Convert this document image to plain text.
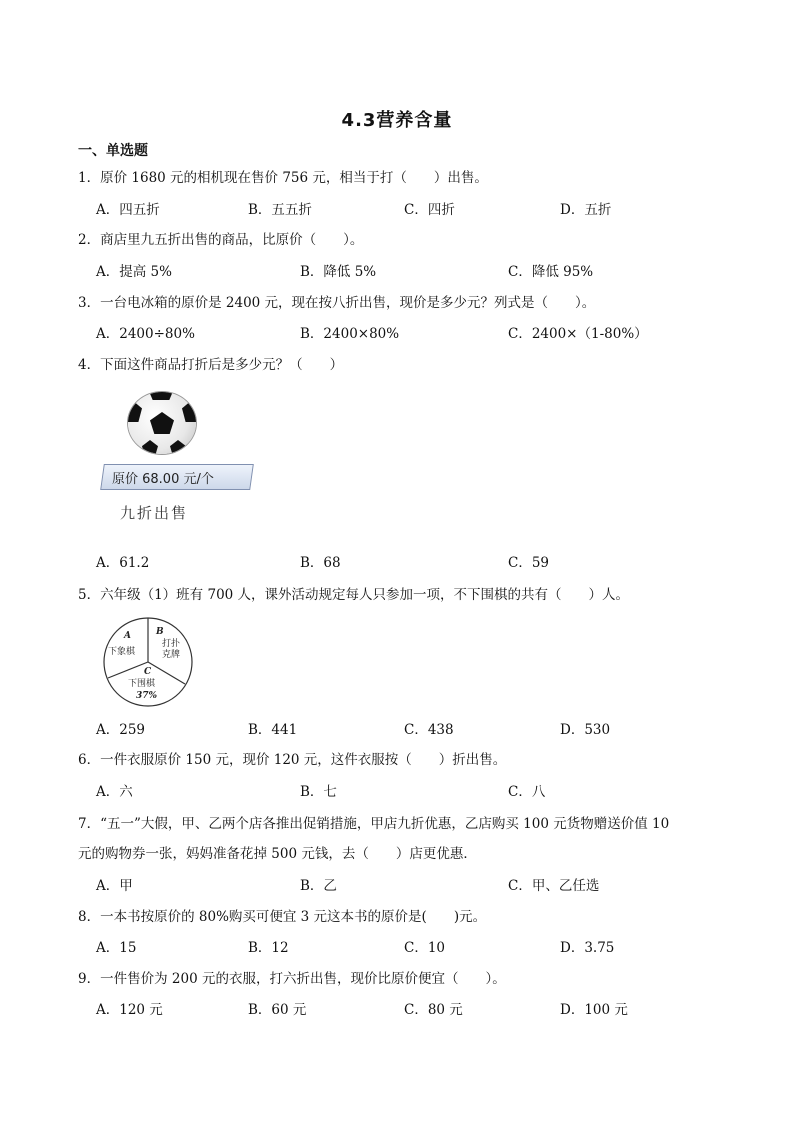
4.3营养含量
一、单选题
1．原价 1680 元的相机现在售价 756 元，相当于打（　　）出售。
A．四五折	B．五五折	C．四折	D．五折
2．商店里九五折出售的商品，比原价（　　）。
A．提高 5%	B．降低 5%	C．降低 95%
3．一台电冰箱的原价是 2400 元，现在按八折出售，现价是多少元？列式是（　　）。
A．2400÷80%	B．2400×80%	C．2400×（1-80%）
4．下面这件商品打折后是多少元？（　　）
原价 68.00 元/个
九折出售
A．61.2	B．68	C．59
5．六年级（1）班有 700 人，课外活动规定每人只参加一项，不下围棋的共有（　　）人。
A
下象棋
B
打扑
克牌
C
下围棋
37%
A．259	B．441	C．438	D．530
6．一件衣服原价 150 元，现价 120 元，这件衣服按（　　）折出售。
A．六	B．七	C．八
7．“五一”大假，甲、乙两个店各推出促销措施，甲店九折优惠，乙店购买 100 元货物赠送价值 10
元的购物券一张，妈妈准备花掉 500 元钱，去（　　）店更优惠．
A．甲	B．乙	C．甲、乙任选
8．一本书按原价的 80%购买可便宜 3 元这本书的原价是(　　)元。
A．15	B．12	C．10	D．3.75
9．一件售价为 200 元的衣服，打六折出售，现价比原价便宜（　　）。
A．120 元	B．60 元	C．80 元	D．100 元
